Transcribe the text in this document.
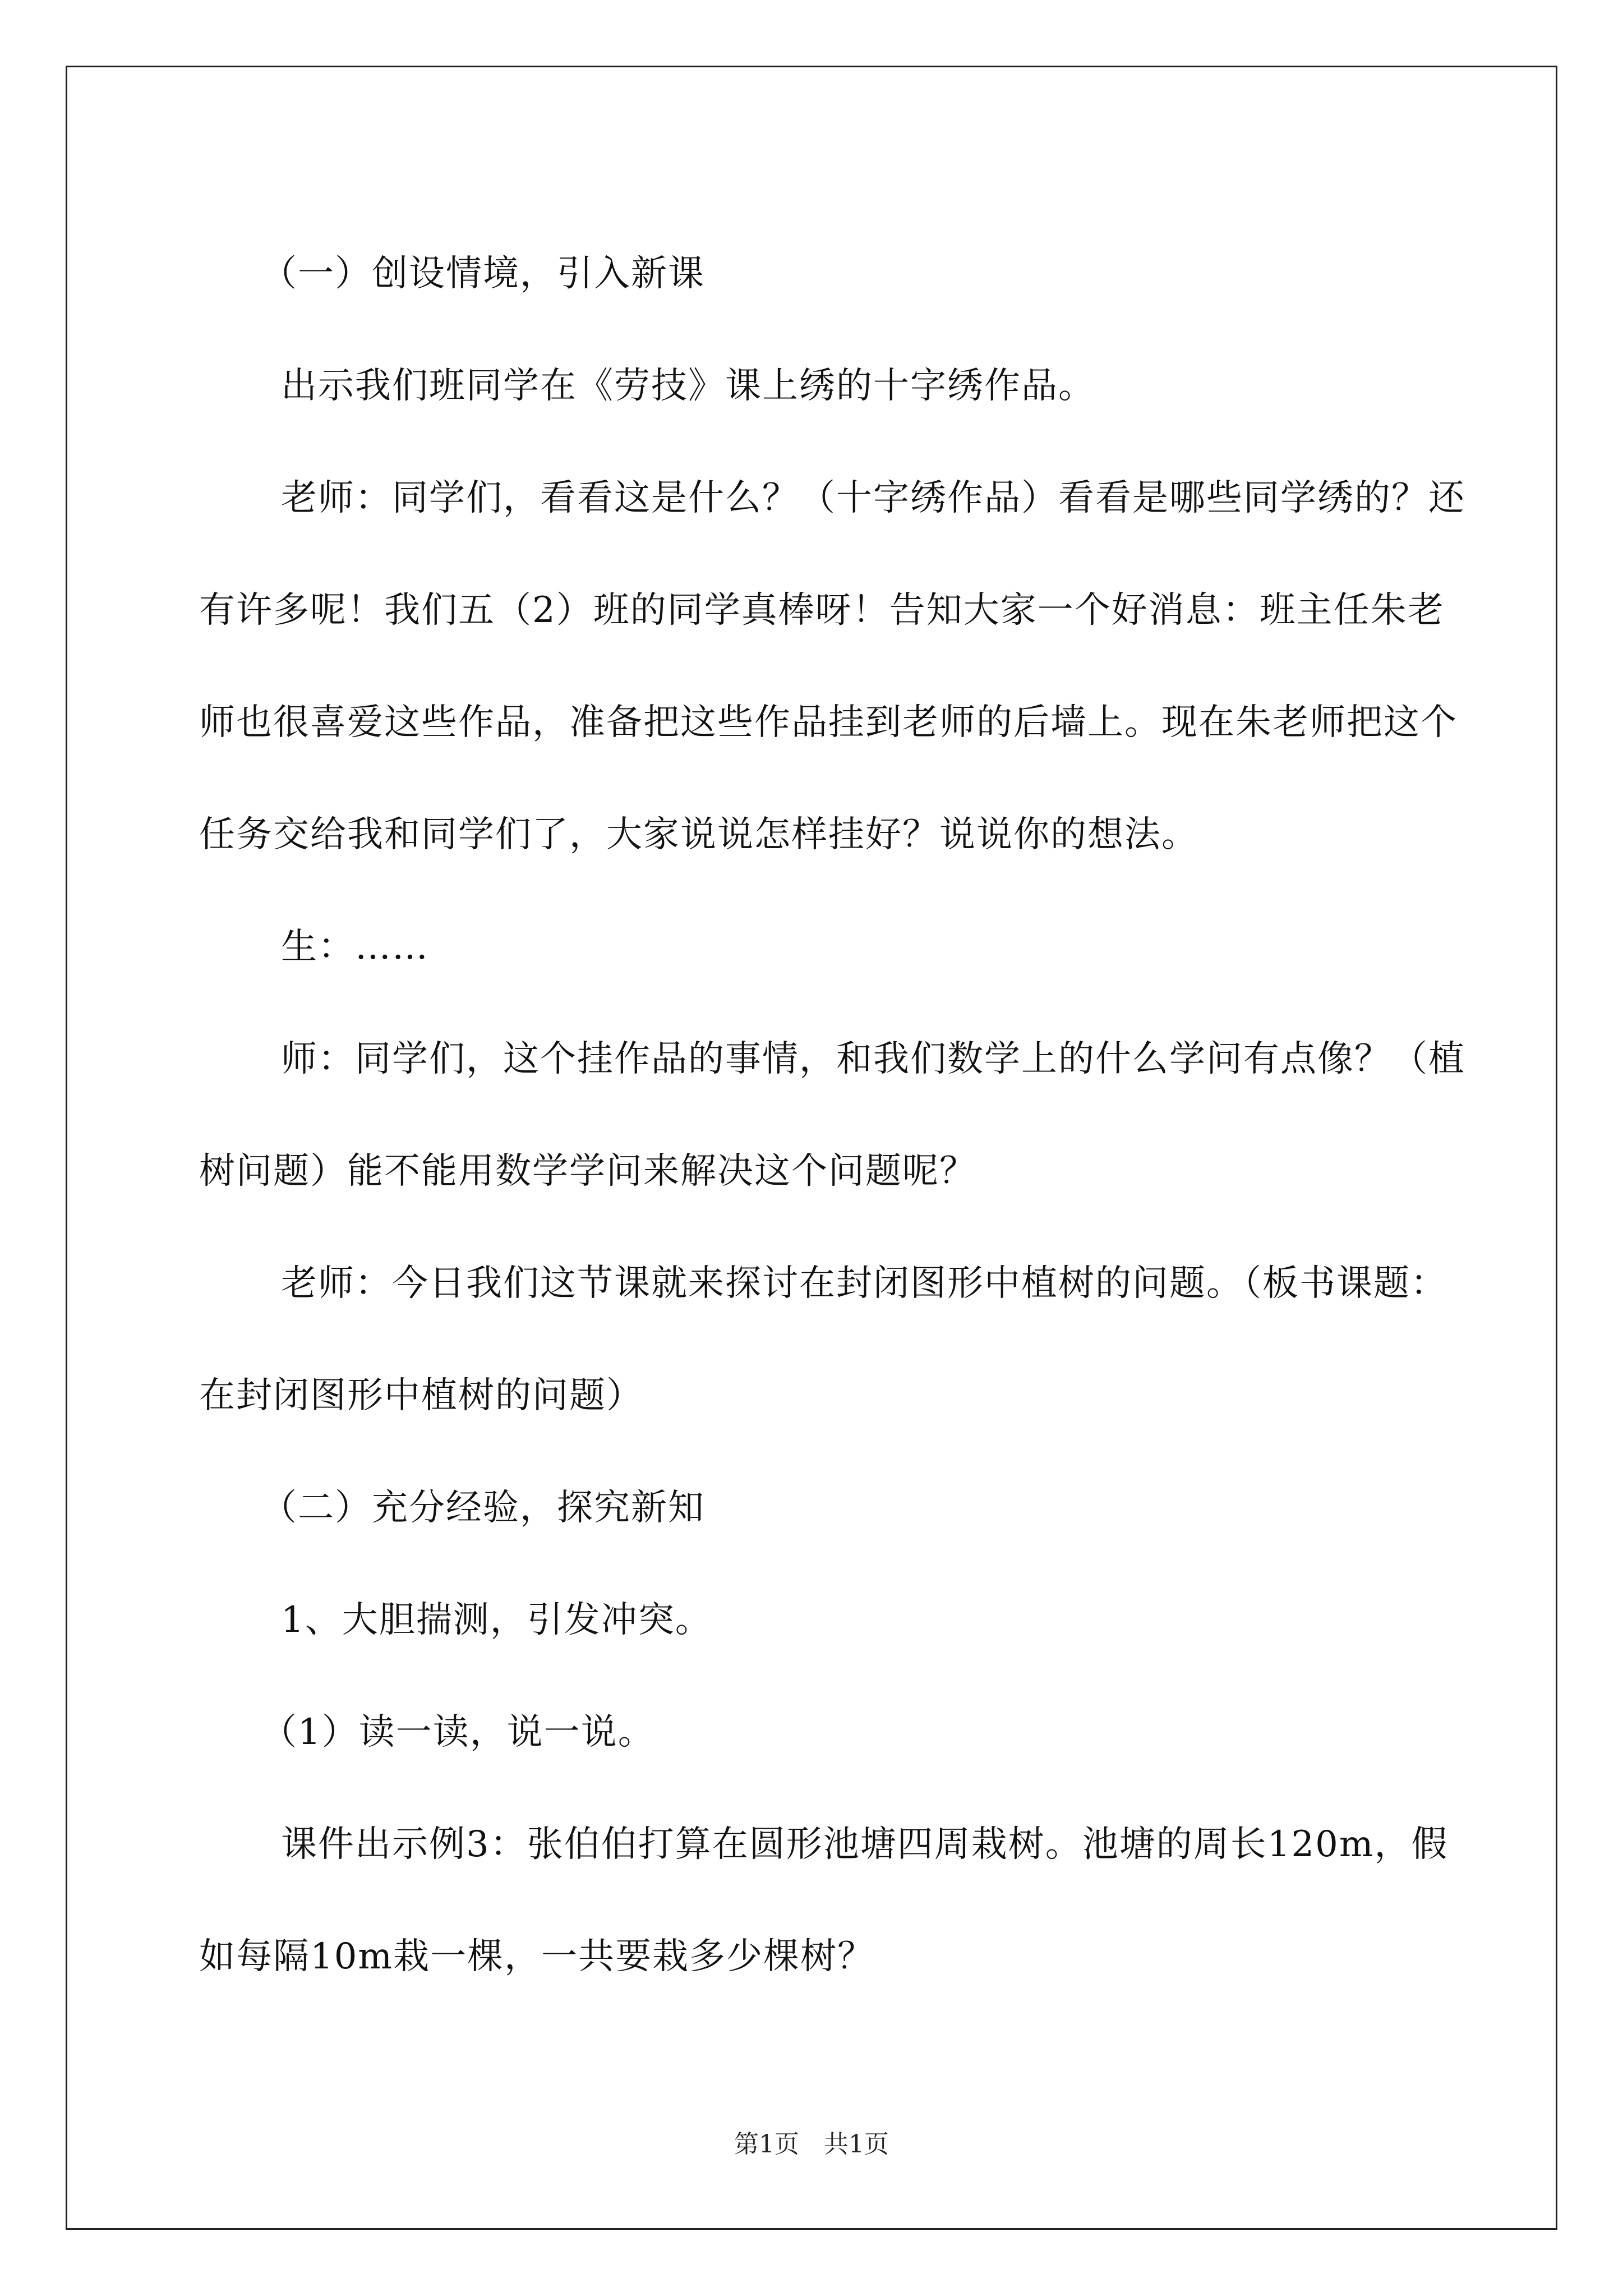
（一）创设情境，引入新课

出示我们班同学在《劳技》课上绣的十字绣作品。

老师：同学们，看看这是什么？（十字绣作品）看看是哪些同学绣的？还有许多呢！我们五（2）班的同学真棒呀！告知大家一个好消息：班主任朱老师也很喜爱这些作品，准备把这些作品挂到老师的后墙上。现在朱老师把这个任务交给我和同学们了，大家说说怎样挂好？说说你的想法。

生：……

师：同学们，这个挂作品的事情，和我们数学上的什么学问有点像？（植树问题）能不能用数学学问来解决这个问题呢？

老师：今日我们这节课就来探讨在封闭图形中植树的问题。（板书课题：在封闭图形中植树的问题）

（二）充分经验，探究新知

1、大胆揣测，引发冲突。

（1）读一读，说一说。

课件出示例3：张伯伯打算在圆形池塘四周栽树。池塘的周长120m，假如每隔10m栽一棵，一共要栽多少棵树？

第1页　共1页
